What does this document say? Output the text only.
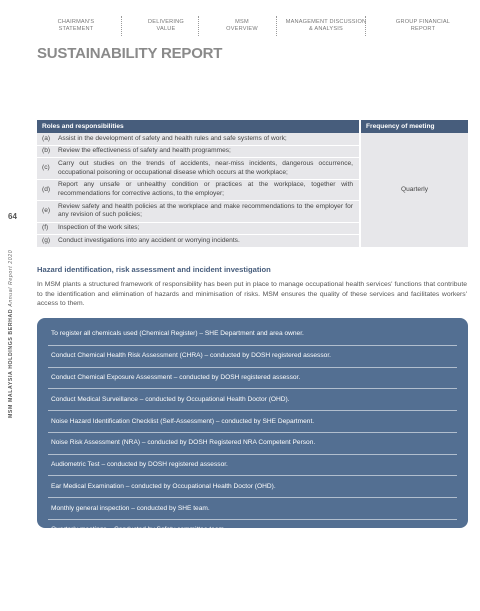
CHAIRMAN'S
STATEMENT
DELIVERING
VALUE
MSM
OVERVIEW
MANAGEMENT DISCUSSION
& ANALYSIS
GROUP FINANCIAL
REPORT
SUSTAINABILITY REPORT
64
MSM MALAYSIA HOLDINGS BERHAD Annual Report 2020
Roles and responsibilities		Frequency of meeting
(a)	Assist in the development of safety and health rules and safe systems of work;	Quarterly
(b)	Review the effectiveness of safety and health programmes;	
(c)	Carry out studies on the trends of accidents, near-miss incidents, dangerous occurrence, occupational poisoning or occupational disease which occurs at the workplace;	
(d)	Report any unsafe or unhealthy condition or practices at the workplace, together with recommendations for corrective actions, to the employer;	
(e)	Review safety and health policies at the workplace and make recommendations to the employer for any revision of such policies;	
(f)	Inspection of the work sites;	
(g)	Conduct investigations into any accident or worrying incidents.	
Hazard identification, risk assessment and incident investigation

In MSM plants a structured framework of responsibility has been put in place to manage occupational health services' functions that contribute to the identification and elimination of hazards and minimisation of risks. MSM ensures the quality of these services and facilitates workers' access to them.

To register all chemicals used (Chemical Register) – SHE Department and area owner.
Conduct Chemical Health Risk Assessment (CHRA) – conducted by DOSH registered assessor.
Conduct Chemical Exposure Assessment – conducted by DOSH registered assessor.
Conduct Medical Surveillance – conducted by Occupational Health Doctor (OHD).
Noise Hazard Identification Checklist (Self-Assessment) – conducted by SHE Department.
Noise Risk Assessment (NRA) – conducted by DOSH Registered NRA Competent Person.
Audiometric Test – conducted by DOSH registered assessor.
Ear Medical Examination – conducted by Occupational Health Doctor (OHD).
Monthly general inspection – conducted by SHE team.
Quarterly meetings – Conducted by Safety committee team.
Near miss record keeping – by EAR card programme.
